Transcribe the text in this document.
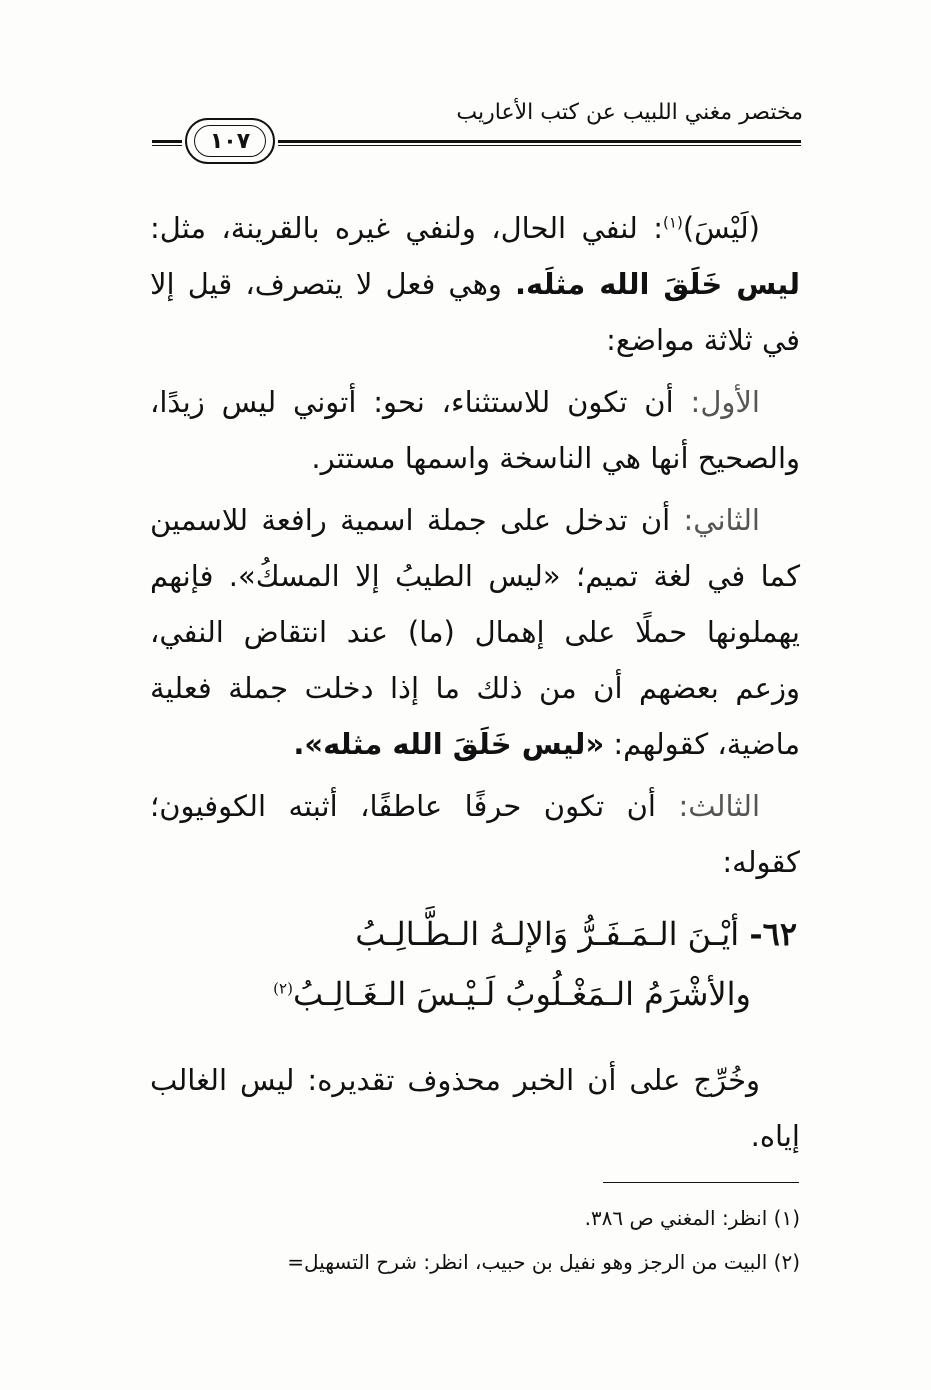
مختصر مغني اللبيب عن كتب الأعاريب
١٠٧

(لَيْسَ)$^{(١)}$: لنفي الحال، ولنفي غيره بالقرينة، مثل: ليس خَلَقَ الله مثلَه. وهي فعل لا يتصرف، قيل إلا في ثلاثة مواضع:

الأول: أن تكون للاستثناء، نحو: أتوني ليس زيدًا، والصحيح أنها هي الناسخة واسمها مستتر.

الثاني: أن تدخل على جملة اسمية رافعة للاسمين كما في لغة تميم؛ «ليس الطيبُ إلا المسكُ». فإنهم يهملونها حملًا على إهمال (ما) عند انتقاض النفي، وزعم بعضهم أن من ذلك ما إذا دخلت جملة فعلية ماضية، كقولهم: «ليس خَلَقَ الله مثله».

الثالث: أن تكون حرفًا عاطفًا، أثبته الكوفيون؛ كقوله:

٦٢- أيْـنَ الـمَـفَـرُّ وَالإلـهُ الـطَّـالِـبُ
والأشْرَمُ الـمَغْـلُوبُ لَـيْـسَ الـغَـالِـبُ$^{(٢)}$
وخُرِّج على أن الخبر محذوف تقديره: ليس الغالب إياه.
(١) انظر: المغني ص ٣٨٦.
(٢) البيت من الرجز وهو نفيل بن حبيب، انظر: شرح التسهيل=
